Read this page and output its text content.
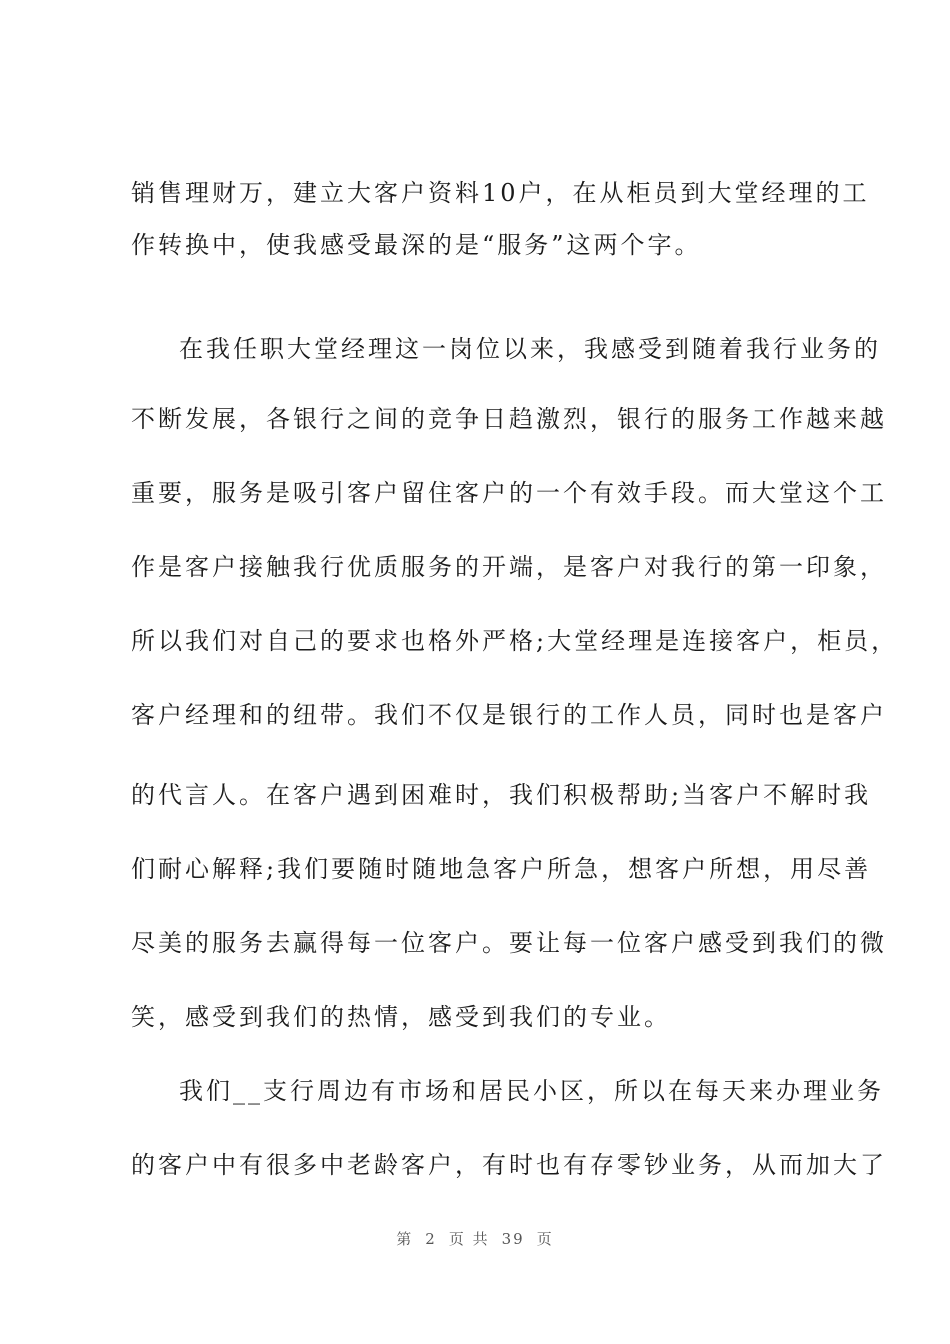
销售理财万，建立大客户资料10户，在从柜员到大堂经理的工
作转换中，使我感受最深的是“服务”这两个字。
在我任职大堂经理这一岗位以来，我感受到随着我行业务的
不断发展，各银行之间的竞争日趋激烈，银行的服务工作越来越
重要，服务是吸引客户留住客户的一个有效手段。而大堂这个工
作是客户接触我行优质服务的开端，是客户对我行的第一印象，
所以我们对自己的要求也格外严格;大堂经理是连接客户，柜员，
客户经理和的纽带。我们不仅是银行的工作人员，同时也是客户
的代言人。在客户遇到困难时，我们积极帮助;当客户不解时我
们耐心解释;我们要随时随地急客户所急，想客户所想，用尽善
尽美的服务去赢得每一位客户。要让每一位客户感受到我们的微
笑，感受到我们的热情，感受到我们的专业。
我们__支行周边有市场和居民小区，所以在每天来办理业务
的客户中有很多中老龄客户，有时也有存零钞业务，从而加大了
第 2 页 共 39 页
